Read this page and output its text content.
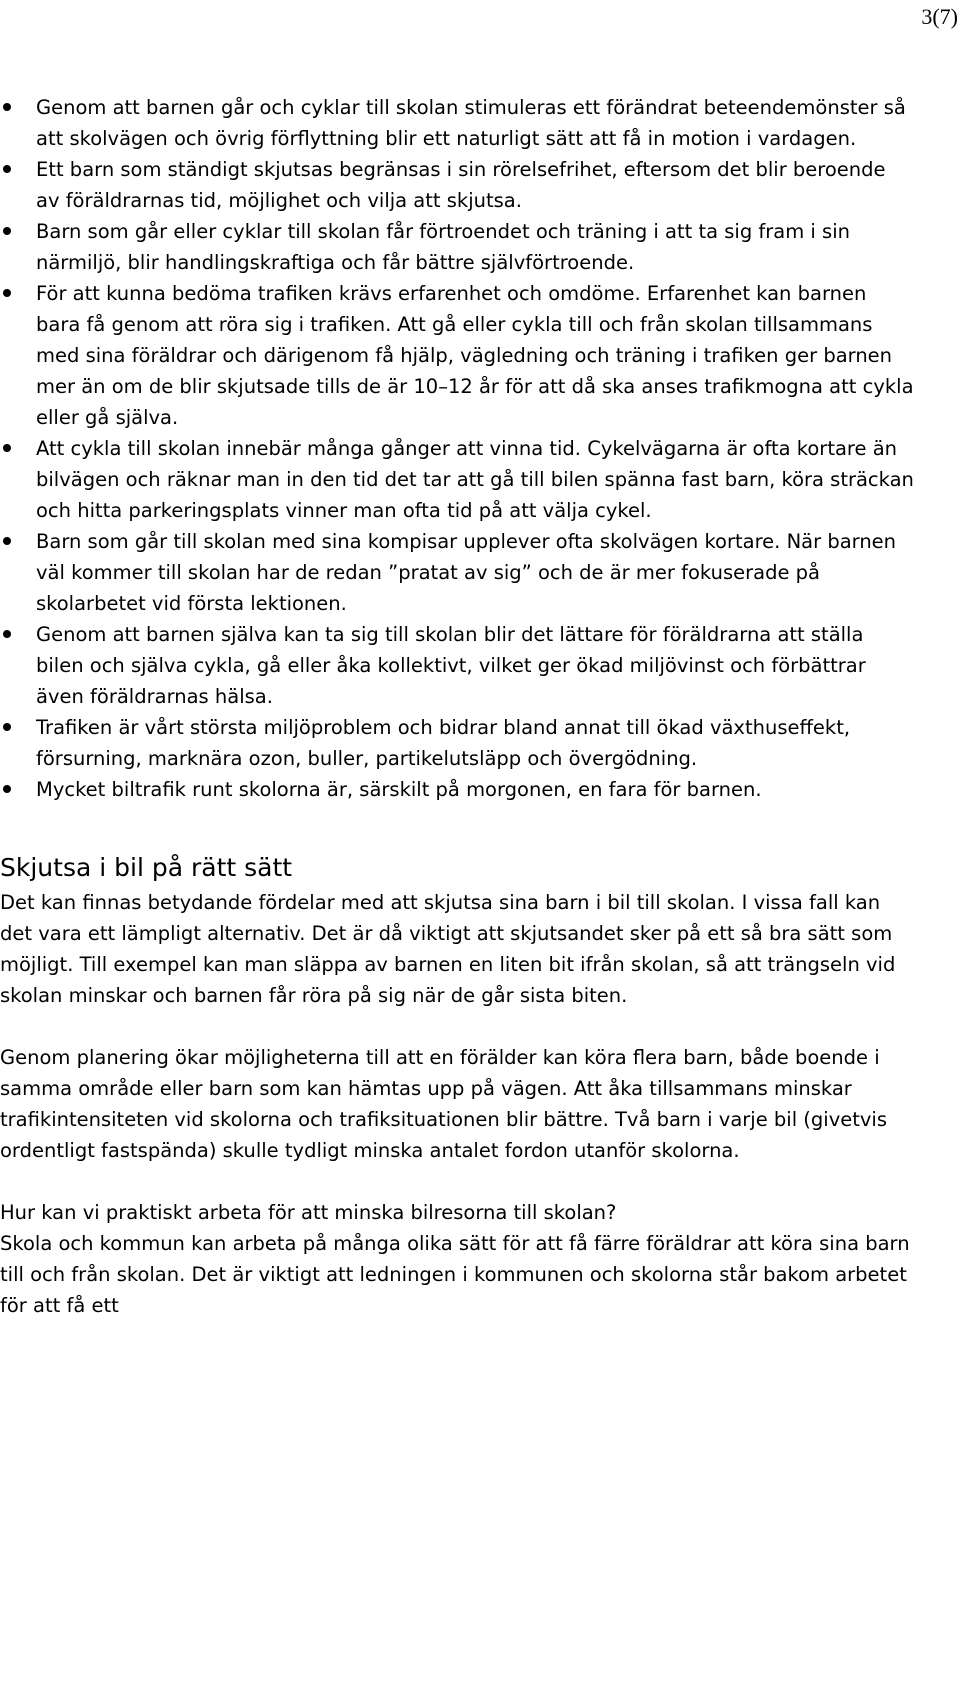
3(7)
Genom att barnen går och cyklar till skolan stimuleras ett förändrat beteendemönster så att skolvägen och övrig förflyttning blir ett naturligt sätt att få in motion i vardagen.
Ett barn som ständigt skjutsas begränsas i sin rörelsefrihet, eftersom det blir beroende av föräldrarnas tid, möjlighet och vilja att skjutsa.
Barn som går eller cyklar till skolan får förtroendet och träning i att ta sig fram i sin närmiljö, blir handlingskraftiga och får bättre självförtroende.
För att kunna bedöma trafiken krävs erfarenhet och omdöme. Erfarenhet kan barnen bara få genom att röra sig i trafiken. Att gå eller cykla till och från skolan tillsammans med sina föräldrar och därigenom få hjälp, vägledning och träning i trafiken ger barnen mer än om de blir skjutsade tills de är 10–12 år för att då ska anses trafikmogna att cykla eller gå själva.
Att cykla till skolan innebär många gånger att vinna tid. Cykelvägarna är ofta kortare än bilvägen och räknar man in den tid det tar att gå till bilen spänna fast barn, köra sträckan och hitta parkeringsplats vinner man ofta tid på att välja cykel.
Barn som går till skolan med sina kompisar upplever ofta skolvägen kortare. När barnen väl kommer till skolan har de redan ”pratat av sig” och de är mer fokuserade på skolarbetet vid första lektionen.
Genom att barnen själva kan ta sig till skolan blir det lättare för föräldrarna att ställa bilen och själva cykla, gå eller åka kollektivt, vilket ger ökad miljövinst och förbättrar även föräldrarnas hälsa.
Trafiken är vårt största miljöproblem och bidrar bland annat till ökad växthuseffekt, försurning, marknära ozon, buller, partikelutsläpp och övergödning.
Mycket biltrafik runt skolorna är, särskilt på morgonen, en fara för barnen.
Skjutsa i bil på rätt sätt

Det kan finnas betydande fördelar med att skjutsa sina barn i bil till skolan. I vissa fall kan det vara ett lämpligt alternativ. Det är då viktigt att skjutsandet sker på ett så bra sätt som möjligt. Till exempel kan man släppa av barnen en liten bit ifrån skolan, så att trängseln vid skolan minskar och barnen får röra på sig när de går sista biten.

Genom planering ökar möjligheterna till att en förälder kan köra flera barn, både boende i samma område eller barn som kan hämtas upp på vägen. Att åka tillsammans minskar trafikintensiteten vid skolorna och trafiksituationen blir bättre. Två barn i varje bil (givetvis ordentligt fastspända) skulle tydligt minska antalet fordon utanför skolorna.

Hur kan vi praktiskt arbeta för att minska bilresorna till skolan?

Skola och kommun kan arbeta på många olika sätt för att få färre föräldrar att köra sina barn till och från skolan. Det är viktigt att ledningen i kommunen och skolorna står bakom arbetet för att få ett
